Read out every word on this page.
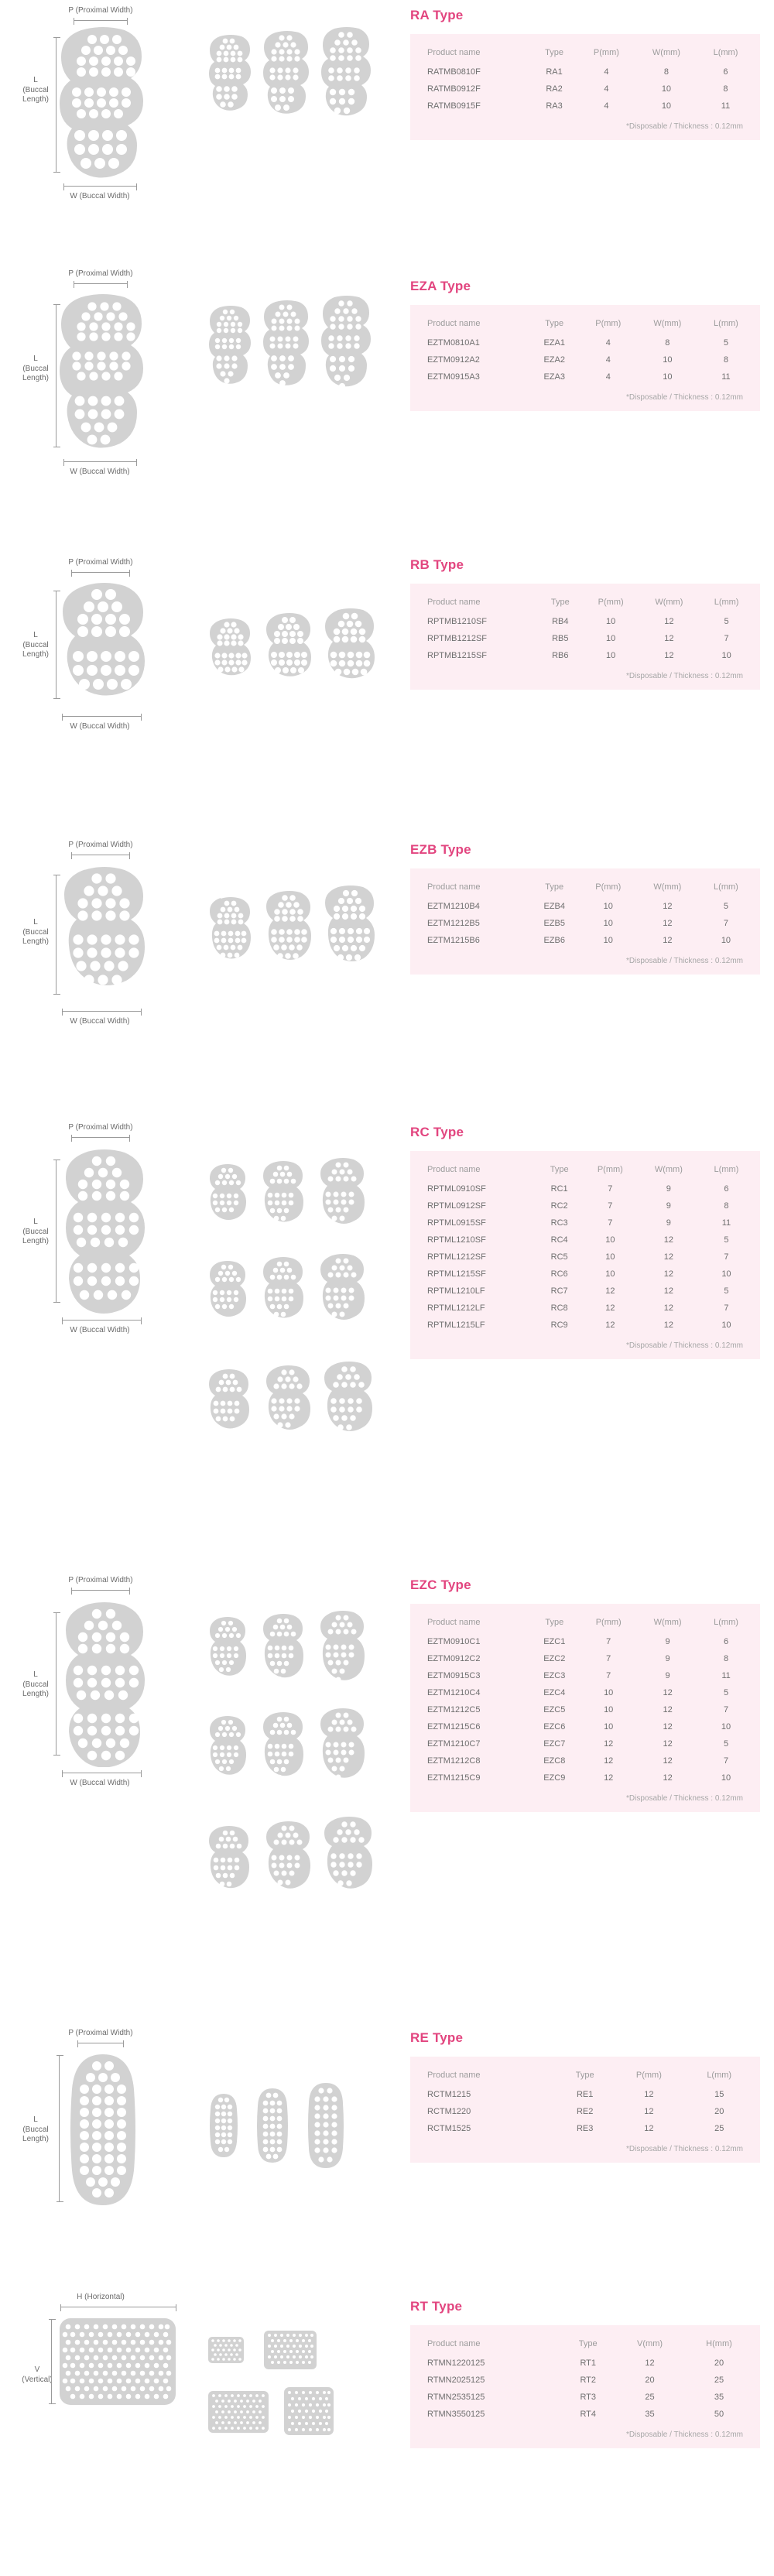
P (Proximal Width)
L
(Buccal
Length)
W (Buccal Width)
RA Type
Product name	Type	P(mm)	W(mm)	L(mm)
RATMB0810F	RA1	4	8	6
RATMB0912F	RA2	4	10	8
RATMB0915F	RA3	4	10	11
*Disposable / Thickness : 0.12mm
P (Proximal Width)
L
(Buccal
Length)
W (Buccal Width)
EZA Type
Product name	Type	P(mm)	W(mm)	L(mm)
EZTM0810A1	EZA1	4	8	5
EZTM0912A2	EZA2	4	10	8
EZTM0915A3	EZA3	4	10	11
*Disposable / Thickness : 0.12mm
P (Proximal Width)
L
(Buccal
Length)
W (Buccal Width)
RB Type
Product name	Type	P(mm)	W(mm)	L(mm)
RPTMB1210SF	RB4	10	12	5
RPTMB1212SF	RB5	10	12	7
RPTMB1215SF	RB6	10	12	10
*Disposable / Thickness : 0.12mm
P (Proximal Width)
L
(Buccal
Length)
W (Buccal Width)
EZB Type
Product name	Type	P(mm)	W(mm)	L(mm)
EZTM1210B4	EZB4	10	12	5
EZTM1212B5	EZB5	10	12	7
EZTM1215B6	EZB6	10	12	10
*Disposable / Thickness : 0.12mm
P (Proximal Width)
L
(Buccal
Length)
W (Buccal Width)
RC Type
Product name	Type	P(mm)	W(mm)	L(mm)
RPTML0910SF	RC1	7	9	6
RPTML0912SF	RC2	7	9	8
RPTML0915SF	RC3	7	9	11
RPTML1210SF	RC4	10	12	5
RPTML1212SF	RC5	10	12	7
RPTML1215SF	RC6	10	12	10
RPTML1210LF	RC7	12	12	5
RPTML1212LF	RC8	12	12	7
RPTML1215LF	RC9	12	12	10
*Disposable / Thickness : 0.12mm
P (Proximal Width)
L
(Buccal
Length)
W (Buccal Width)
EZC Type
Product name	Type	P(mm)	W(mm)	L(mm)
EZTM0910C1	EZC1	7	9	6
EZTM0912C2	EZC2	7	9	8
EZTM0915C3	EZC3	7	9	11
EZTM1210C4	EZC4	10	12	5
EZTM1212C5	EZC5	10	12	7
EZTM1215C6	EZC6	10	12	10
EZTM1210C7	EZC7	12	12	5
EZTM1212C8	EZC8	12	12	7
EZTM1215C9	EZC9	12	12	10
*Disposable / Thickness : 0.12mm
P (Proximal Width)
L
(Buccal
Length)
RE Type
Product name	Type	P(mm)	L(mm)
RCTM1215	RE1	12	15
RCTM1220	RE2	12	20
RCTM1525	RE3	12	25
*Disposable / Thickness : 0.12mm
H (Horizontal)
V
(Vertical)
RT Type
Product name	Type	V(mm)	H(mm)
RTMN1220125	RT1	12	20
RTMN2025125	RT2	20	25
RTMN2535125	RT3	25	35
RTMN3550125	RT4	35	50
*Disposable / Thickness : 0.12mm
